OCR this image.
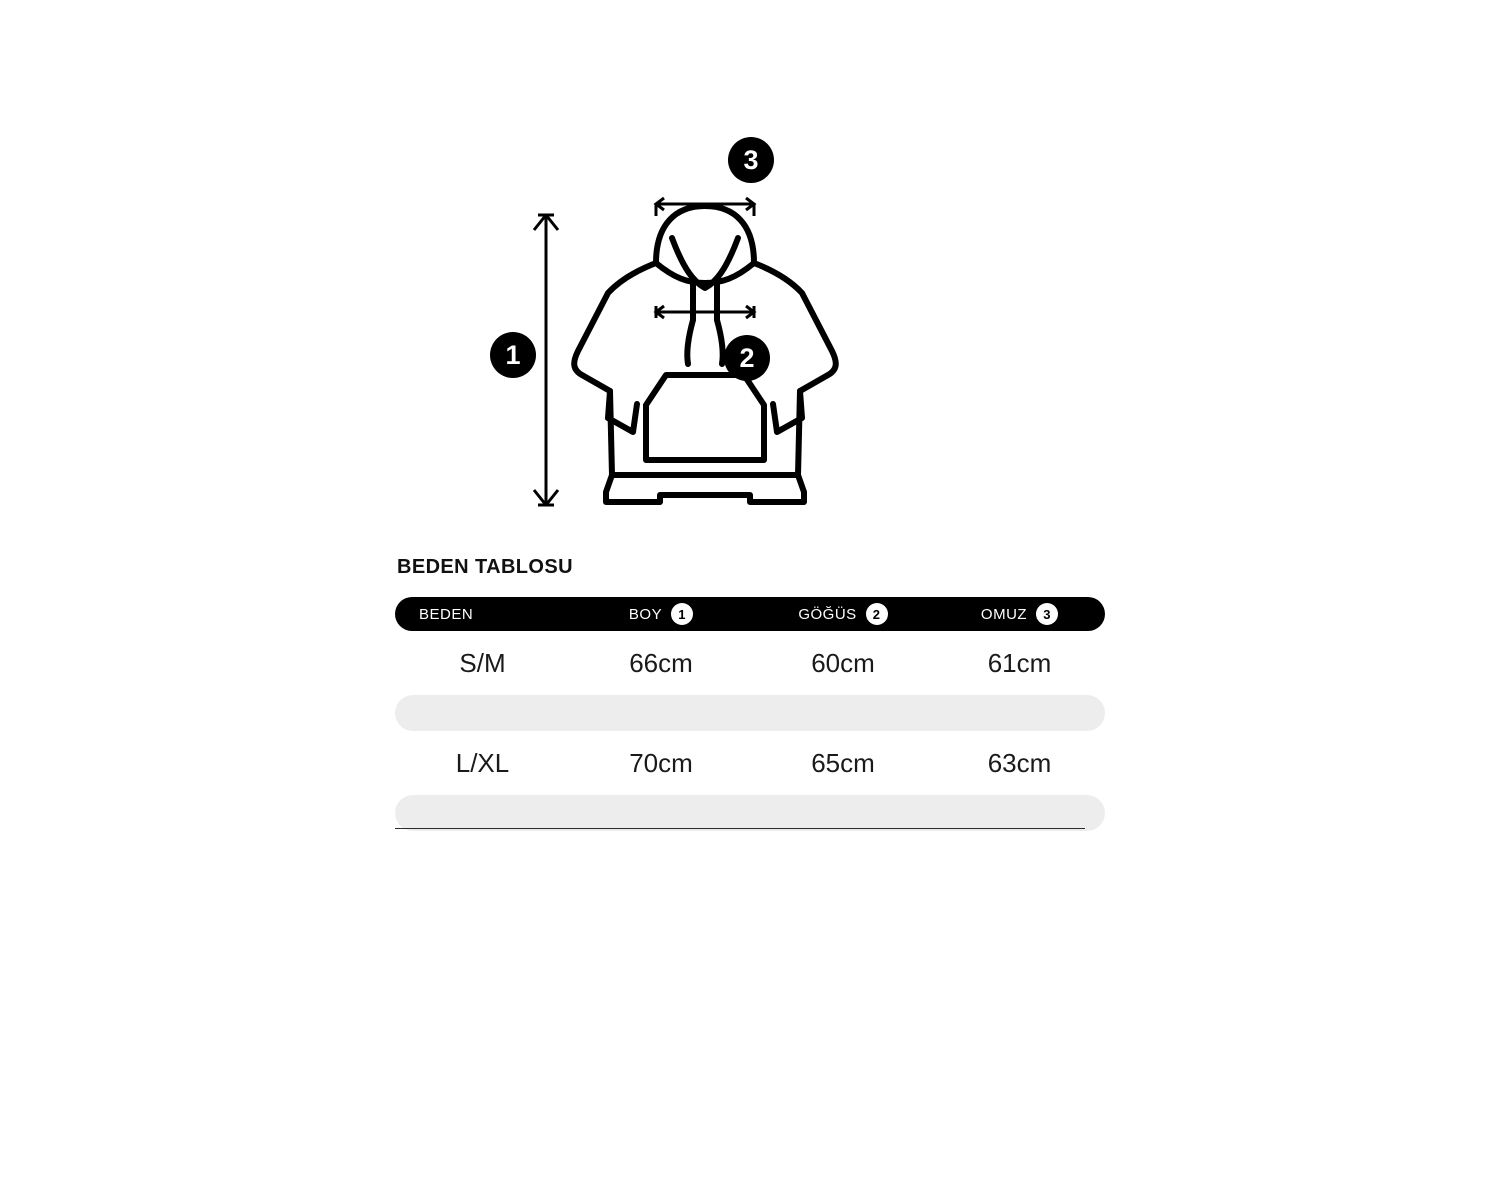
1	2
3
BEDEN TABLOSU
BEDEN	BOY 1	GÖĞÜS 2	OMUZ 3

S/M	66cm	60cm	61cm

L/XL	70cm	65cm	63cm
